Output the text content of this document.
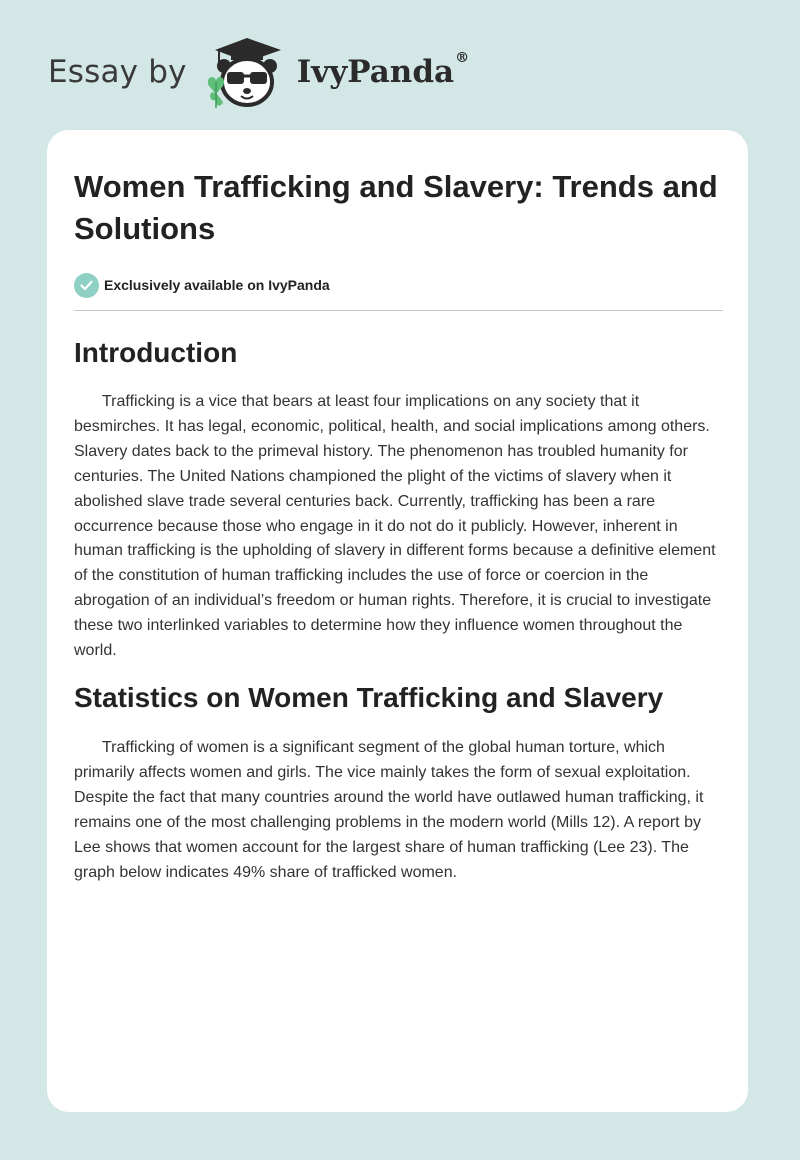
Essay by	IvyPanda®
Women Trafficking and Slavery: Trends and Solutions
Exclusively available on IvyPanda
Introduction

Trafficking is a vice that bears at least four implications on any society that it besmirches. It has legal, economic, political, health, and social implications among others. Slavery dates back to the primeval history. The phenomenon has troubled humanity for centuries. The United Nations championed the plight of the victims of slavery when it abolished slave trade several centuries back. Currently, trafficking has been a rare occurrence because those who engage in it do not do it publicly. However, inherent in human trafficking is the upholding of slavery in different forms because a definitive element of the constitution of human trafficking includes the use of force or coercion in the abrogation of an individual’s freedom or human rights. Therefore, it is crucial to investigate these two interlinked variables to determine how they influence women throughout the world.

Statistics on Women Trafficking and Slavery

Trafficking of women is a significant segment of the global human torture, which primarily affects women and girls. The vice mainly takes the form of sexual exploitation. Despite the fact that many countries around the world have outlawed human trafficking, it remains one of the most challenging problems in the modern world (Mills 12). A report by Lee shows that women account for the largest share of human trafficking (Lee 23). The graph below indicates 49% share of trafficked women.
